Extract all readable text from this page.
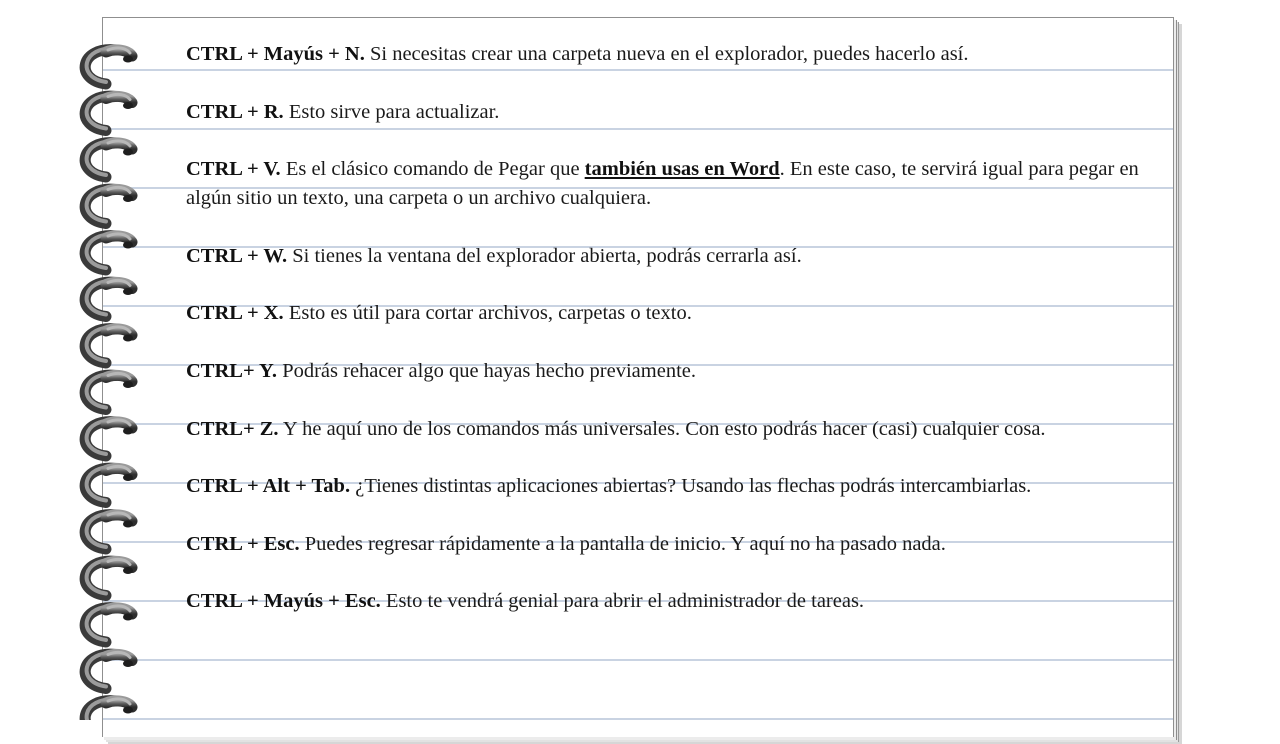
CTRL + Mayús + N. Si necesitas crear una carpeta nueva en el explorador, puedes hacerlo así.

CTRL + R. Esto sirve para actualizar.

CTRL + V. Es el clásico comando de Pegar que también usas en Word. En este caso, te servirá igual para pegar en algún sitio un texto, una carpeta o un archivo cualquiera.

CTRL + W. Si tienes la ventana del explorador abierta, podrás cerrarla así.

CTRL + X. Esto es útil para cortar archivos, carpetas o texto.

CTRL+ Y. Podrás rehacer algo que hayas hecho previamente.

CTRL+ Z. Y he aquí uno de los comandos más universales. Con esto podrás hacer (casi) cualquier cosa.

CTRL + Alt + Tab. ¿Tienes distintas aplicaciones abiertas? Usando las flechas podrás intercambiarlas.

CTRL + Esc. Puedes regresar rápidamente a la pantalla de inicio. Y aquí no ha pasado nada.

CTRL + Mayús + Esc. Esto te vendrá genial para abrir el administrador de tareas.
